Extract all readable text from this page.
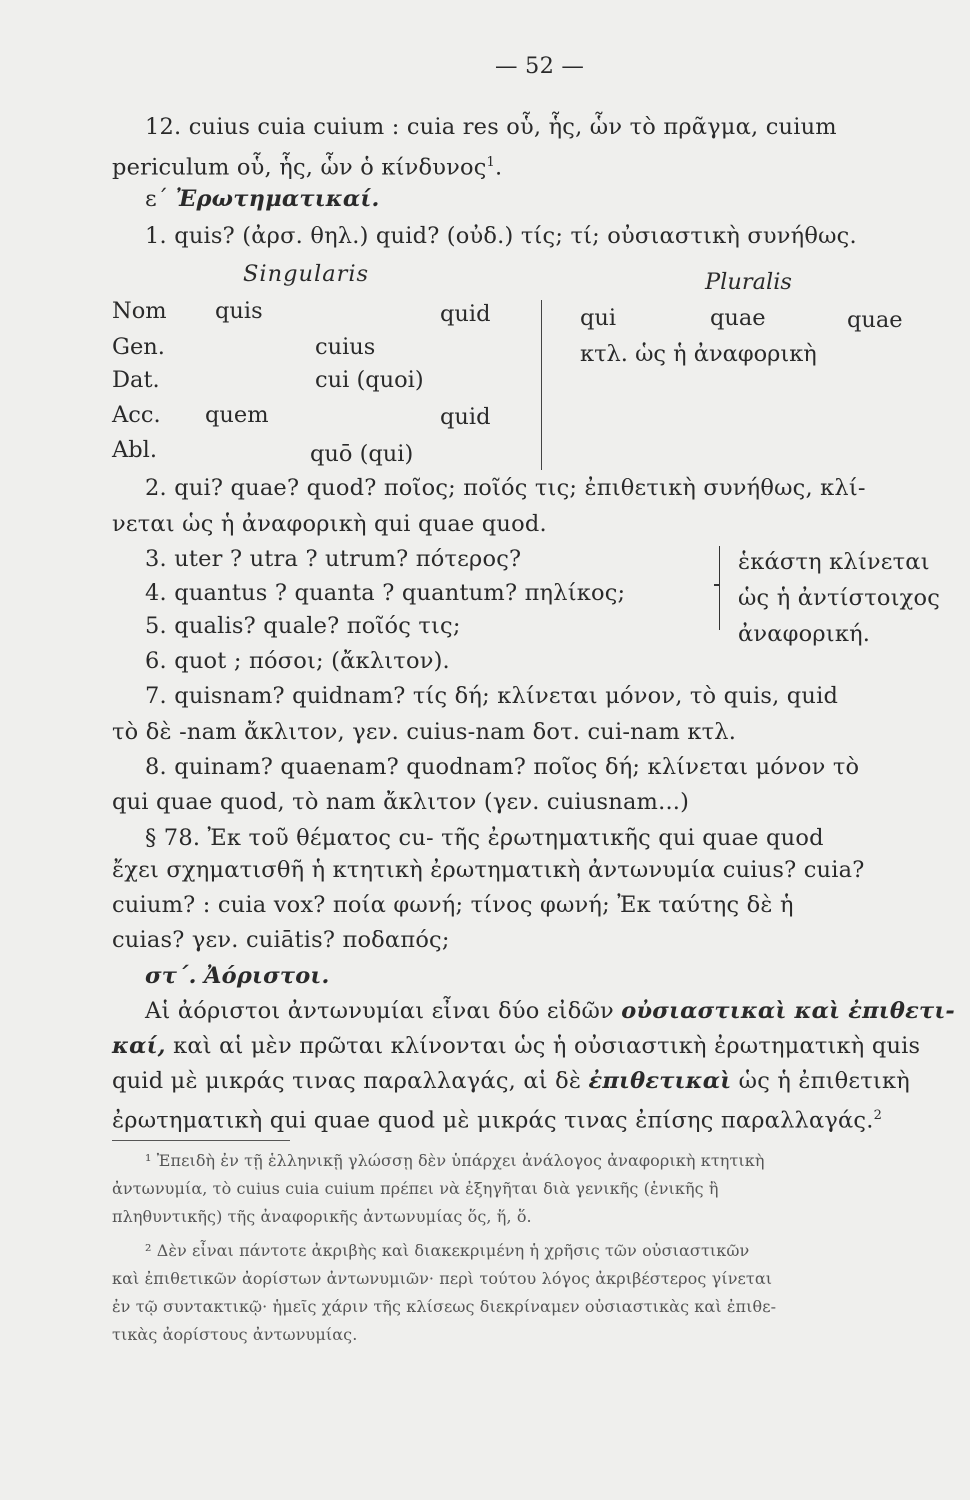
— 52 —
12. cuius cuia cuium : cuia res οὗ, ἧς, ὧν τὸ πρᾶγμα, cuium
periculum οὗ, ἧς, ὧν ὁ κίνδυνος$^1$.
ε΄ Ἐρωτηματικαί.
1. quis? (ἀρσ. θηλ.) quid? (οὐδ.) τίς; τί; οὐσιαστικὴ συνήθως.
Singularis	Pluralis
Nom quis	quid	qui	quae	quae
Gen.	cuius	κτλ. ὡς ἡ ἀναφορικὴ
Dat.	cui (quoi)
Acc. quem	quid
Abl.	quō (qui)
2. qui? quae? quod? ποῖος; ποῖός τις; ἐπιθετικὴ συνήθως, κλί-
νεται ὡς ἡ ἀναφορικὴ qui quae quod.
3. uter ? utra ? utrum? πότερος?
4. quantus ? quanta ? quantum? πηλίκος;
5. qualis? quale? ποῖός τις;
6. quot ; πόσοι; (ἄκλιτον).
ἑκάστη κλίνεται
ὡς ἡ ἀντίστοιχος
ἀναφορική.
7. quisnam? quidnam? τίς δή; κλίνεται μόνον, τὸ quis, quid
τὸ δὲ -nam ἄκλιτον, γεν. cuius-nam δοτ. cui-nam κτλ.
8. quinam? quaenam? quodnam? ποῖος δή; κλίνεται μόνον τὸ
qui quae quod, τὸ nam ἄκλιτον (γεν. cuiusnam...)
§ 78. Ἐκ τοῦ θέματος cu- τῆς ἐρωτηματικῆς qui quae quod
ἔχει σχηματισθῆ ἡ κτητικὴ ἐρωτηματικὴ ἀντωνυμία cuius? cuia?
cuium? : cuia vox? ποία φωνή; τίνος φωνή; Ἐκ ταύτης δὲ ἡ
cuias? γεν. cuiātis? ποδαπός;
στ΄. Ἀόριστοι.
Αἱ ἀόριστοι ἀντωνυμίαι εἶναι δύο εἰδῶν οὐσιαστικαὶ καὶ ἐπιθετι-
καί, καὶ αἱ μὲν πρῶται κλίνονται ὡς ἡ οὐσιαστικὴ ἐρωτηματικὴ quis
quid μὲ μικράς τινας παραλλαγάς, αἱ δὲ ἐπιθετικαὶ ὡς ἡ ἐπιθετικὴ
ἐρωτηματικὴ qui quae quod μὲ μικράς τινας ἐπίσης παραλλαγάς.$^2$
¹ Ἐπειδὴ ἐν τῇ ἑλληνικῇ γλώσσῃ δὲν ὑπάρχει ἀνάλογος ἀναφορικὴ κτητικὴ
ἀντωνυμία, τὸ cuius cuia cuium πρέπει νὰ ἐξηγῆται διὰ γενικῆς (ἑνικῆς ἢ
πληθυντικῆς) τῆς ἀναφορικῆς ἀντωνυμίας ὅς, ἥ, ὅ.
² Δὲν εἶναι πάντοτε ἀκριβὴς καὶ διακεκριμένη ἡ χρῆσις τῶν οὐσιαστικῶν
καὶ ἐπιθετικῶν ἀορίστων ἀντωνυμιῶν· περὶ τούτου λόγος ἀκριβέστερος γίνεται
ἐν τῷ συντακτικῷ· ἡμεῖς χάριν τῆς κλίσεως διεκρίναμεν οὐσιαστικὰς καὶ ἐπιθε-
τικὰς ἀορίστους ἀντωνυμίας.
